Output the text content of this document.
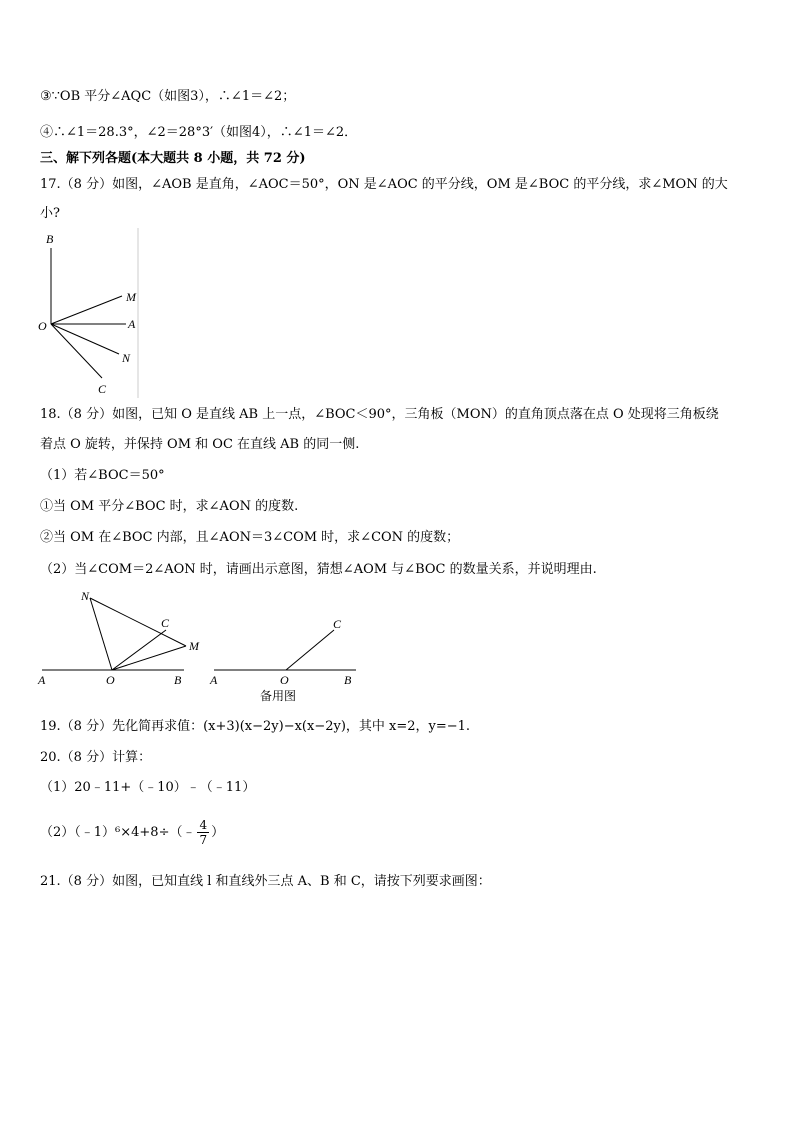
③∵OB 平分∠AQC（如图3），∴∠1＝∠2；
④∴∠1＝28.3°，∠2＝28°3′（如图4），∴∠1＝∠2．
三、解下列各题(本大题共 8 小题，共 72 分)
17.（8 分）如图，∠AOB 是直角，∠AOC＝50°，ON 是∠AOC 的平分线，OM 是∠BOC 的平分线，求∠MON 的大
小?
B
M
O	A
N
C
18.（8 分）如图，已知 O 是直线 AB 上一点，∠BOC＜90°，三角板（MON）的直角顶点落在点 O 处现将三角板绕
着点 O 旋转，并保持 OM 和 OC 在直线 AB 的同一侧.
（1）若∠BOC＝50°
①当 OM 平分∠BOC 时，求∠AON 的度数.
②当 OM 在∠BOC 内部，且∠AON＝3∠COM 时，求∠CON 的度数；
（2）当∠COM＝2∠AON 时，请画出示意图，猜想∠AOM 与∠BOC 的数量关系，并说明理由.
N
C
M
A	O	B
C
A	O	B
备用图
19.（8 分）先化简再求值：(x+3)(x−2y)−x(x−2y)，其中 x=2，y=−1.
20.（8 分）计算：
（1）20﹣11+（﹣10）﹣（﹣11）
（2）（﹣1）⁶×4+8÷（﹣ $\frac{4}{7}$ ）
21.（8 分）如图，已知直线 l 和直线外三点 A、B 和 C，请按下列要求画图：
